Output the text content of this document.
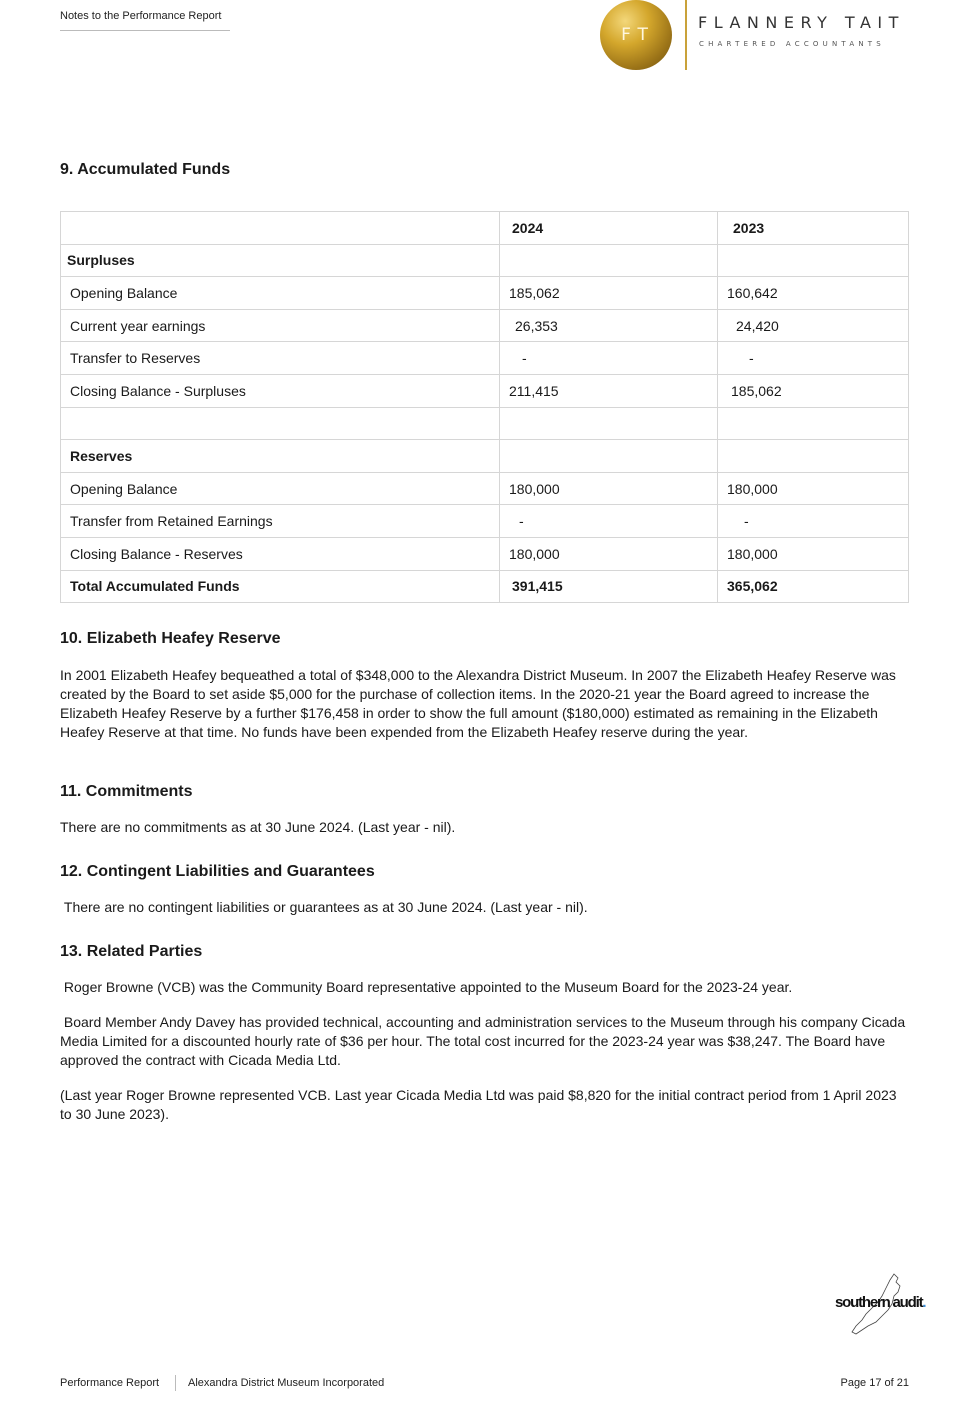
Notes to the Performance Report
FT
FLANNERY TAIT
CHARTERED ACCOUNTANTS
9. Accumulated Funds
	2024	2023
Surpluses		
Opening Balance	185,062	160,642
Current year earnings	26,353	24,420
Transfer to Reserves	-	-
Closing Balance - Surpluses	211,415	185,062

Reserves		
Opening Balance	180,000	180,000
Transfer from Retained Earnings	-	-
Closing Balance - Reserves	180,000	180,000
Total Accumulated Funds	391,415	365,062
10. Elizabeth Heafey Reserve

In 2001 Elizabeth Heafey bequeathed a total of $348,000 to the Alexandra District Museum. In 2007 the Elizabeth Heafey Reserve was created by the Board to set aside $5,000 for the purchase of collection items. In the 2020-21 year the Board agreed to increase the Elizabeth Heafey Reserve by a further $176,458 in order to show the full amount ($180,000) estimated as remaining in the Elizabeth Heafey Reserve at that time. No funds have been expended from the Elizabeth Heafey reserve during the year.

11. Commitments

There are no commitments as at 30 June 2024. (Last year - nil).

12. Contingent Liabilities and Guarantees

There are no contingent liabilities or guarantees as at 30 June 2024. (Last year - nil).

13. Related Parties

Roger Browne (VCB) was the Community Board representative appointed to the Museum Board for the 2023-24 year.

Board Member Andy Davey has provided technical, accounting and administration services to the Museum through his company Cicada Media Limited for a discounted hourly rate of $36 per hour. The total cost incurred for the 2023-24 year was $38,247. The Board have approved the contract with Cicada Media Ltd.

(Last year Roger Browne represented VCB. Last year Cicada Media Ltd was paid $8,820 for the initial contract period from 1 April 2023 to 30 June 2023).

southern audit.
Performance Report	Alexandra District Museum Incorporated	Page 17 of 21
